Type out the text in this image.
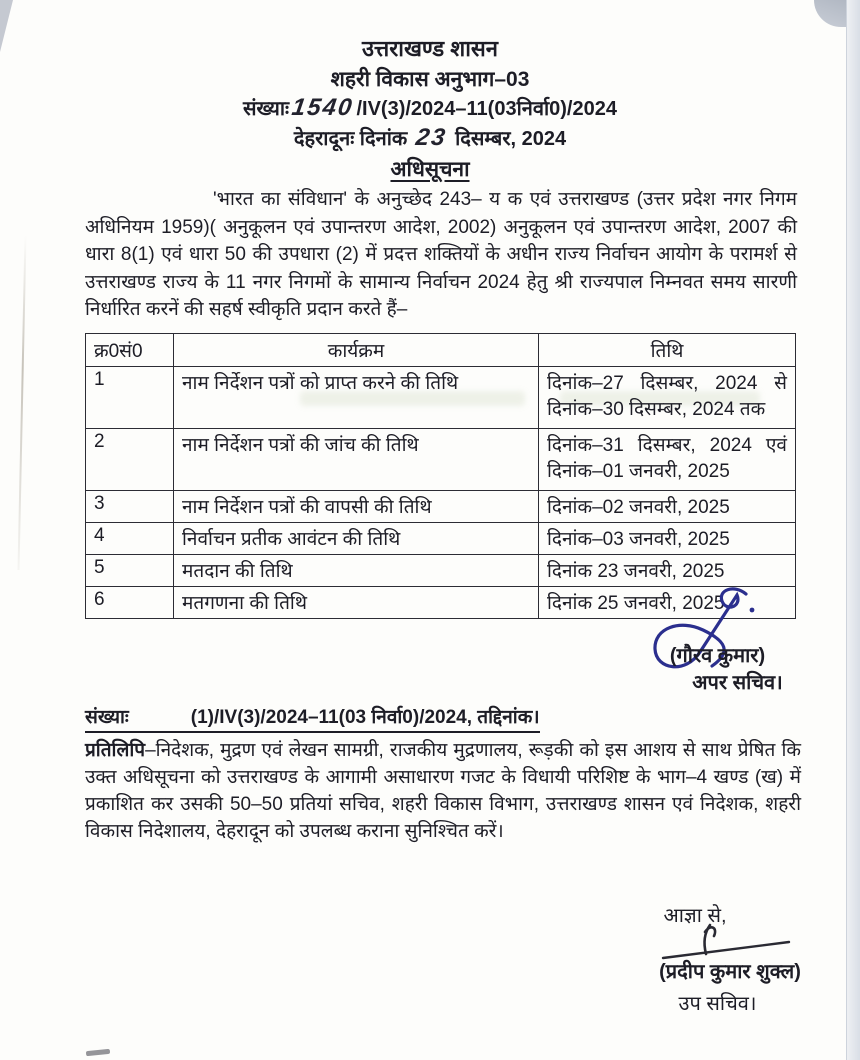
उत्तराखण्ड शासन
शहरी विकास अनुभाग–03
संख्याः1540/IV(3)/2024–11(03निर्वा0)/2024
देहरादूनः दिनांक 23 दिसम्बर, 2024
अधिसूचना

'भारत का संविधान' के अनुच्छेद 243– य क एवं उत्तराखण्ड (उत्तर प्रदेश नगर निगम अधिनियम 1959)( अनुकूलन एवं उपान्तरण आदेश, 2002) अनुकूलन एवं उपान्तरण आदेश, 2007 की धारा 8(1) एवं धारा 50 की उपधारा (2) में प्रदत्त शक्तियों के अधीन राज्य निर्वाचन आयोग के परामर्श से उत्तराखण्ड राज्य के 11 नगर निगमों के सामान्य निर्वाचन 2024 हेतु श्री राज्यपाल निम्नवत समय सारणी निर्धारित करनें की सहर्ष स्वीकृति प्रदान करते हैं–

क्र0सं0	कार्यक्रम	तिथि
1	नाम निर्देशन पत्रों को प्राप्त करने की तिथि	दिनांक–27 दिसम्बर, 2024 से दिनांक–30 दिसम्बर, 2024 तक
2	नाम निर्देशन पत्रों की जांच की तिथि	दिनांक–31 दिसम्बर, 2024 एवं दिनांक–01 जनवरी, 2025
3	नाम निर्देशन पत्रों की वापसी की तिथि	दिनांक–02 जनवरी, 2025
4	निर्वाचन प्रतीक आवंटन की तिथि	दिनांक–03 जनवरी, 2025
5	मतदान की तिथि	दिनांक 23 जनवरी, 2025
6	मतगणना की तिथि	दिनांक 25 जनवरी, 2025
(गौरव कुमार)
अपर सचिव।
संख्याः	(1)/IV(3)/2024–11(03 निर्वा0)/2024, तद्दिनांक।

प्रतिलिपि–निदेशक, मुद्रण एवं लेखन सामग्री, राजकीय मुद्रणालय, रूड़की को इस आशय से साथ प्रेषित कि उक्त अधिसूचना को उत्तराखण्ड के आगामी असाधारण गजट के विधायी परिशिष्ट के भाग–4 खण्ड (ख) में प्रकाशित कर उसकी 50–50 प्रतियां सचिव, शहरी विकास विभाग, उत्तराखण्ड शासन एवं निदेशक, शहरी विकास निदेशालय, देहरादून को उपलब्ध कराना सुनिश्चित करें।

आज्ञा से,
(प्रदीप कुमार शुक्ल)
उप सचिव।
